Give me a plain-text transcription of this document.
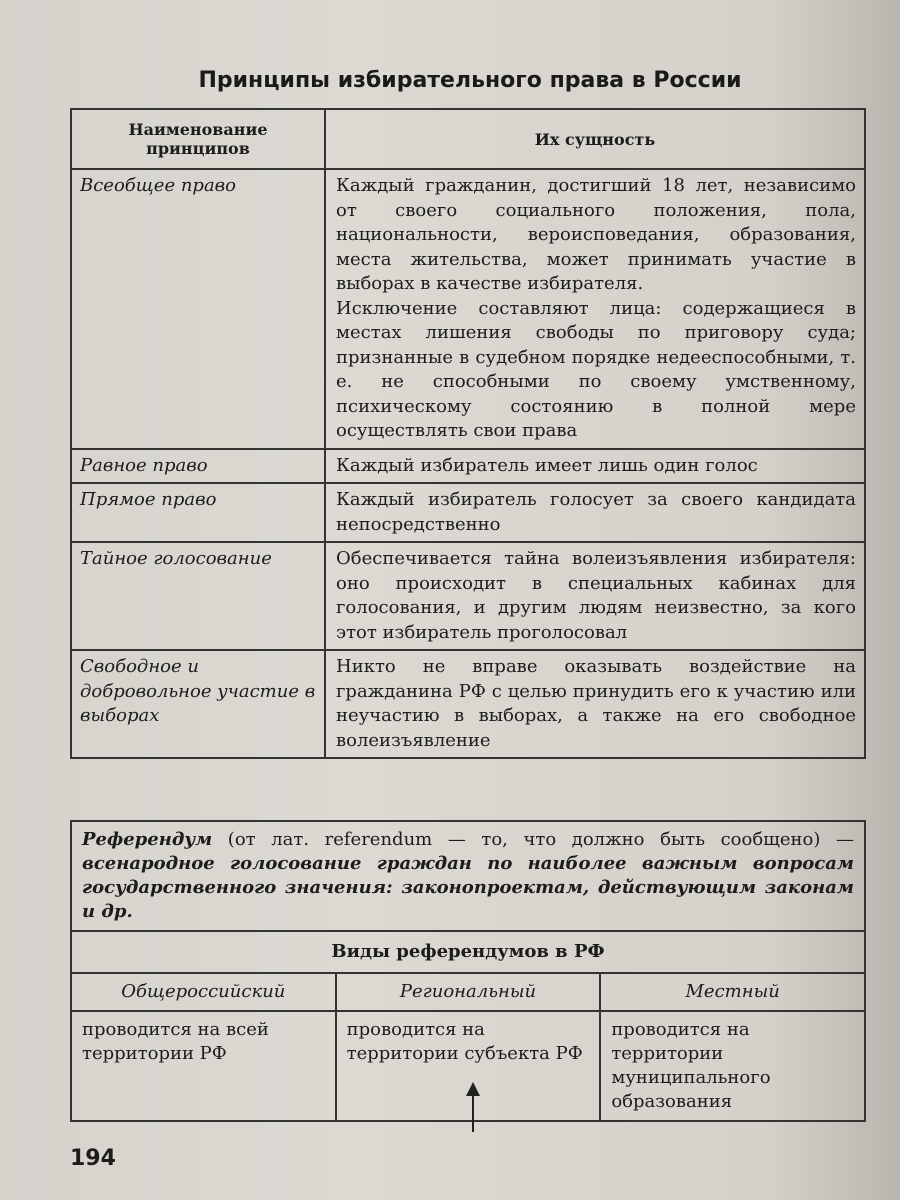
Принципы избирательного права в России
Наименование принципов	Их сущность
Всеобщее право	Каждый гражданин, достигший 18 лет, независимо от своего социального положения, пола, национальности, вероисповедания, образования, места жительства, может принимать участие в выборах в качестве избирателя.
Исключение составляют лица: содержащиеся в местах лишения свободы по приговору суда; признанные в судебном порядке недееспособными, т. е. не способными по своему умственному, психическому состоянию в полной мере осуществлять свои права

Равное право	Каждый избиратель имеет лишь один голос
Прямое право	Каждый избиратель голосует за своего кандидата непосредственно
Тайное голосование	Обеспечивается тайна волеизъявления избирателя: оно происходит в специальных кабинах для голосования, и другим людям неизвестно, за кого этот избиратель проголосовал
Свободное и добровольное участие в выборах	Никто не вправе оказывать воздействие на гражданина РФ с целью принудить его к участию или неучастию в выборах, а также на его свободное волеизъявление
Референдум (от лат. referendum — то, что должно быть сообщено) — всенародное голосование граждан по наиболее важным вопросам государственного значения: законопроектам, действующим законам и др.		
Виды референдумов в РФ		
Общероссийский	Региональный	Местный
проводится на всей территории РФ	проводится на территории субъекта РФ	проводится на территории муниципального образования
194
